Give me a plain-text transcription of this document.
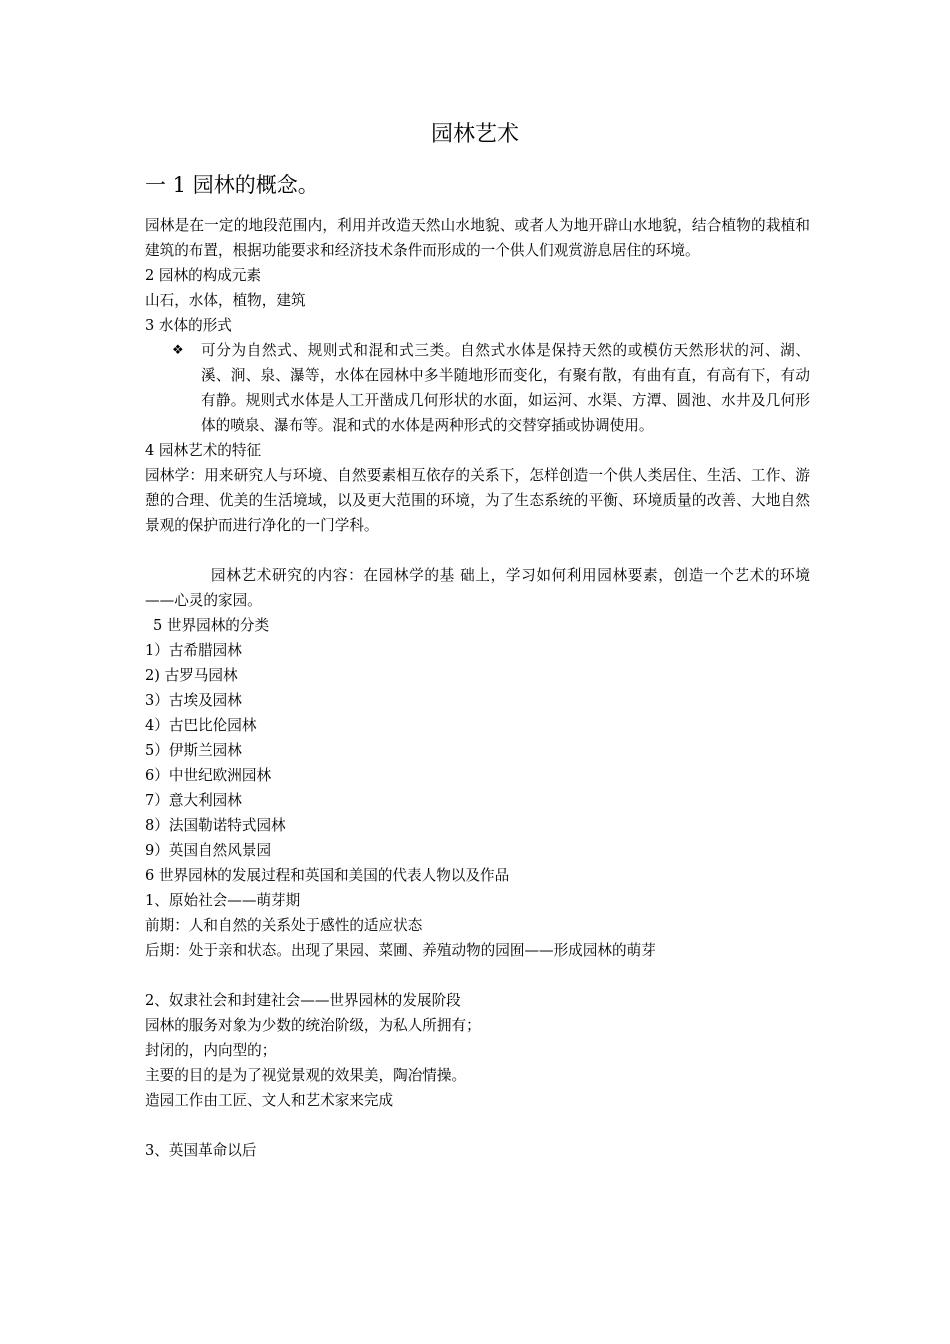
园林艺术
一 1 园林的概念。

园林是在一定的地段范围内，利用并改造天然山水地貌、或者人为地开辟山水地貌，结合植物的栽植和建筑的布置，根据功能要求和经济技术条件而形成的一个供人们观赏游息居住的环境。

2 园林的构成元素

山石，水体，植物，建筑

3 水体的形式

❖ 可分为自然式、规则式和混和式三类。自然式水体是保持天然的或模仿天然形状的河、湖、溪、涧、泉、瀑等，水体在园林中多半随地形而变化，有聚有散，有曲有直，有高有下，有动有静。规则式水体是人工开凿成几何形状的水面，如运河、水渠、方潭、圆池、水井及几何形体的喷泉、瀑布等。混和式的水体是两种形式的交替穿插或协调使用。

4 园林艺术的特征

园林学：用来研究人与环境、自然要素相互依存的关系下，怎样创造一个供人类居住、生活、工作、游憩的合理、优美的生活境域，以及更大范围的环境，为了生态系统的平衡、环境质量的改善、大地自然景观的保护而进行净化的一门学科。

园林艺术研究的内容：在园林学的基 础上，学习如何利用园林要素，创造一个艺术的环境——心灵的家园。

5 世界园林的分类

1）古希腊园林

2) 古罗马园林

3）古埃及园林

4）古巴比伦园林

5）伊斯兰园林

6）中世纪欧洲园林

7）意大利园林

8）法国勒诺特式园林

9）英国自然风景园

6 世界园林的发展过程和英国和美国的代表人物以及作品

1、原始社会——萌芽期

前期：人和自然的关系处于感性的适应状态

后期：处于亲和状态。出现了果园、菜圃、养殖动物的园囿——形成园林的萌芽

2、奴隶社会和封建社会——世界园林的发展阶段

园林的服务对象为少数的统治阶级，为私人所拥有；

封闭的，内向型的；

主要的目的是为了视觉景观的效果美，陶冶情操。

造园工作由工匠、文人和艺术家来完成

3、英国革命以后
